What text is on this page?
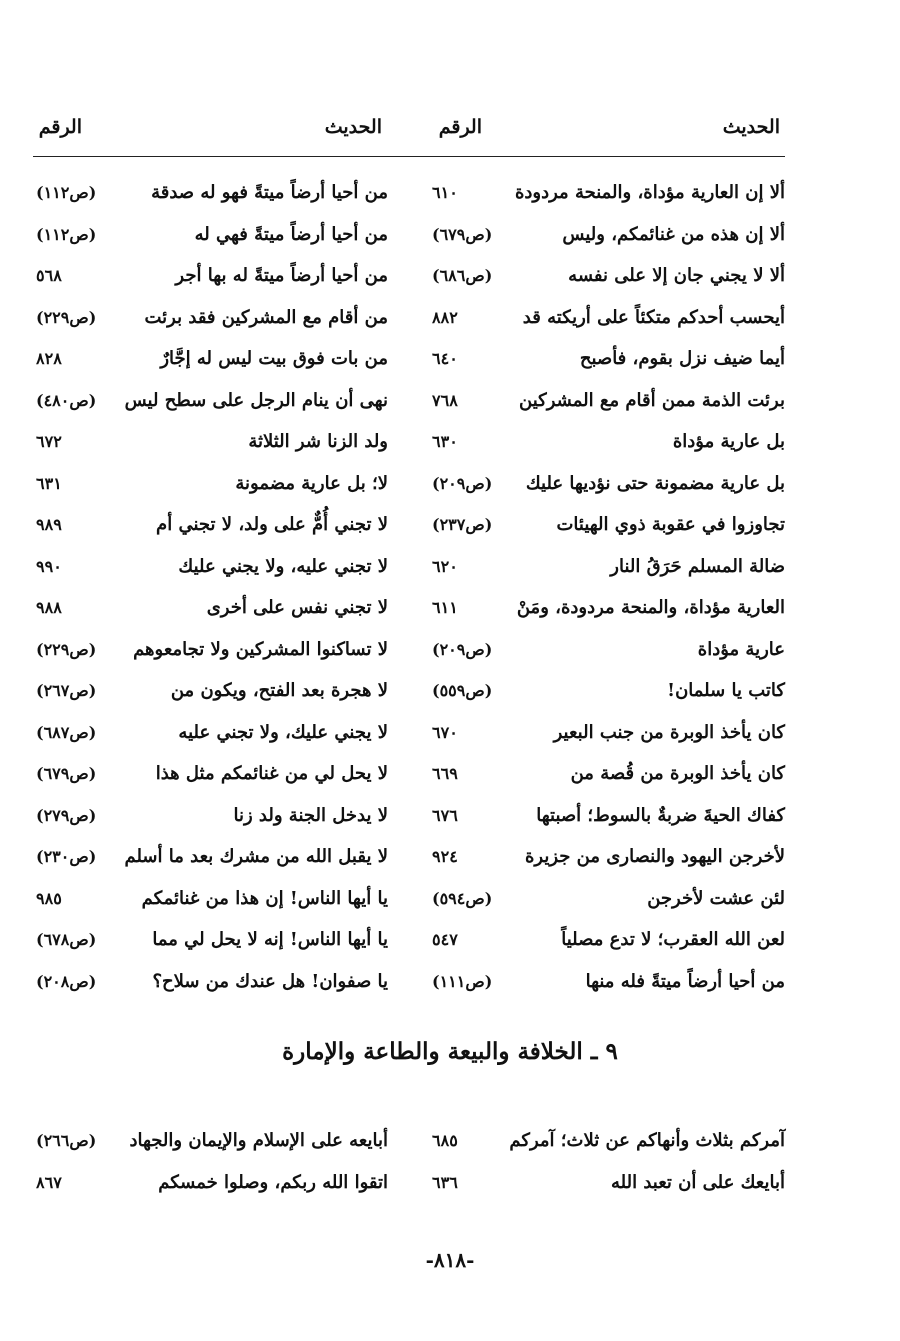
الحديث
الرقم
الحديث
الرقم
ألا إن العارية مؤداة، والمنحة مردودة
٦١٠
ألا إن هذه من غنائمكم، وليس
(ص٦٧٩)
ألا لا يجني جان إلا على نفسه
(ص٦٨٦)
أيحسب أحدكم متكئاً على أريكته قد
٨٨٢
أيما ضيف نزل بقوم، فأصبح
٦٤٠
برئت الذمة ممن أقام مع المشركين
٧٦٨
بل عارية مؤداة
٦٣٠
بل عارية مضمونة حتى نؤديها عليك
(ص٢٠٩)
تجاوزوا في عقوبة ذوي الهيئات
(ص٢٣٧)
ضالة المسلم حَرَقُ النار
٦٢٠
العارية مؤداة، والمنحة مردودة، ومَنْ
٦١١
عارية مؤداة
(ص٢٠٩)
كاتب يا سلمان!
(ص٥٥٩)
كان يأخذ الوبرة من جنب البعير
٦٧٠
كان يأخذ الوبرة من قُصة من
٦٦٩
كفاك الحيةَ ضربةٌ بالسوط؛ أصبتها
٦٧٦
لأخرجن اليهود والنصارى من جزيرة
٩٢٤
لئن عشت لأخرجن
(ص٥٩٤)
لعن الله العقرب؛ لا تدع مصلياً
٥٤٧
من أحيا أرضاً ميتةً فله منها
(ص١١١)
من أحيا أرضاً ميتةً فهو له صدقة
(ص١١٢)
من أحيا أرضاً ميتةً فهي له
(ص١١٢)
من أحيا أرضاً ميتةً له بها أجر
٥٦٨
من أقام مع المشركين فقد برئت
(ص٢٢٩)
من بات فوق بيت ليس له إجَّارٌ
٨٢٨
نهى أن ينام الرجل على سطح ليس
(ص٤٨٠)
ولد الزنا شر الثلاثة
٦٧٢
لا؛ بل عارية مضمونة
٦٣١
لا تجني أُمٌّ على ولد، لا تجني أم
٩٨٩
لا تجني عليه، ولا يجني عليك
٩٩٠
لا تجني نفس على أخرى
٩٨٨
لا تساكنوا المشركين ولا تجامعوهم
(ص٢٢٩)
لا هجرة بعد الفتح، ويكون من
(ص٢٦٧)
لا يجني عليك، ولا تجني عليه
(ص٦٨٧)
لا يحل لي من غنائمكم مثل هذا
(ص٦٧٩)
لا يدخل الجنة ولد زنا
(ص٢٧٩)
لا يقبل الله من مشرك بعد ما أسلم
(ص٢٣٠)
يا أيها الناس! إن هذا من غنائمكم
٩٨٥
يا أيها الناس! إنه لا يحل لي مما
(ص٦٧٨)
يا صفوان! هل عندك من سلاح؟
(ص٢٠٨)
٩ ـ الخلافة والبيعة والطاعة والإمارة
آمركم بثلاث وأنهاكم عن ثلاث؛ آمركم
٦٨٥
أبايعك على أن تعبد الله
٦٣٦
أبايعه على الإسلام والإيمان والجهاد
(ص٢٦٦)
اتقوا الله ربكم، وصلوا خمسكم
٨٦٧
-٨١٨-
